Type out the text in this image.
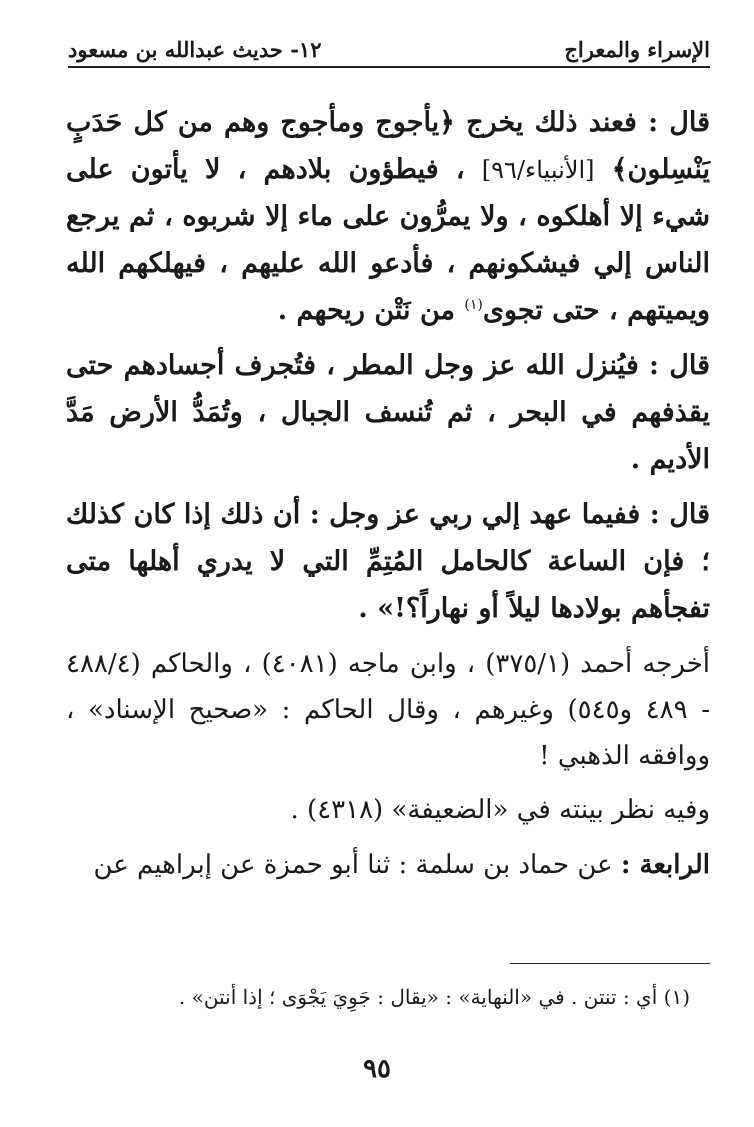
الإسراء والمعراج
١٢- حديث عبدالله بن مسعود

قال : فعند ذلك يخرج ﴿يأجوج ومأجوج وهم من كل حَدَبٍ يَنْسِلون﴾ [الأنبياء/٩٦] ، فيطؤون بلادهم ، لا يأتون على شيء إلا أهلكوه ، ولا يمرُّون على ماء إلا شربوه ، ثم يرجع الناس إلي فيشكونهم ، فأدعو الله عليهم ، فيهلكهم الله ويميتهم ، حتى تجوى$^{(١)}$ من نَتْن ريحهم .

قال : فيُنزل الله عز وجل المطر ، فتُجرف أجسادهم حتى يقذفهم في البحر ، ثم تُنسف الجبال ، وتُمَدُّ الأرض مَدَّ الأديم .

قال : ففيما عهد إلي ربي عز وجل : أن ذلك إذا كان كذلك ؛ فإن الساعة كالحامل المُتِمِّ التي لا يدري أهلها متى تفجأهم بولادها ليلاً أو نهاراً؟!» .

أخرجه أحمد (٣٧٥/١) ، وابن ماجه (٤٠٨١) ، والحاكم (٤٨٨/٤ - ٤٨٩ و٥٤٥) وغيرهم ، وقال الحاكم : «صحيح الإسناد» ، ووافقه الذهبي !

وفيه نظر بينته في «الضعيفة» (٤٣١٨) .

الرابعة : عن حماد بن سلمة : ثنا أبو حمزة عن إبراهيم عن

(١) أي : تنتن . في «النهاية» : «يقال : جَوِيَ يَجْوَى ؛ إذا أنتن» .
٩٥
